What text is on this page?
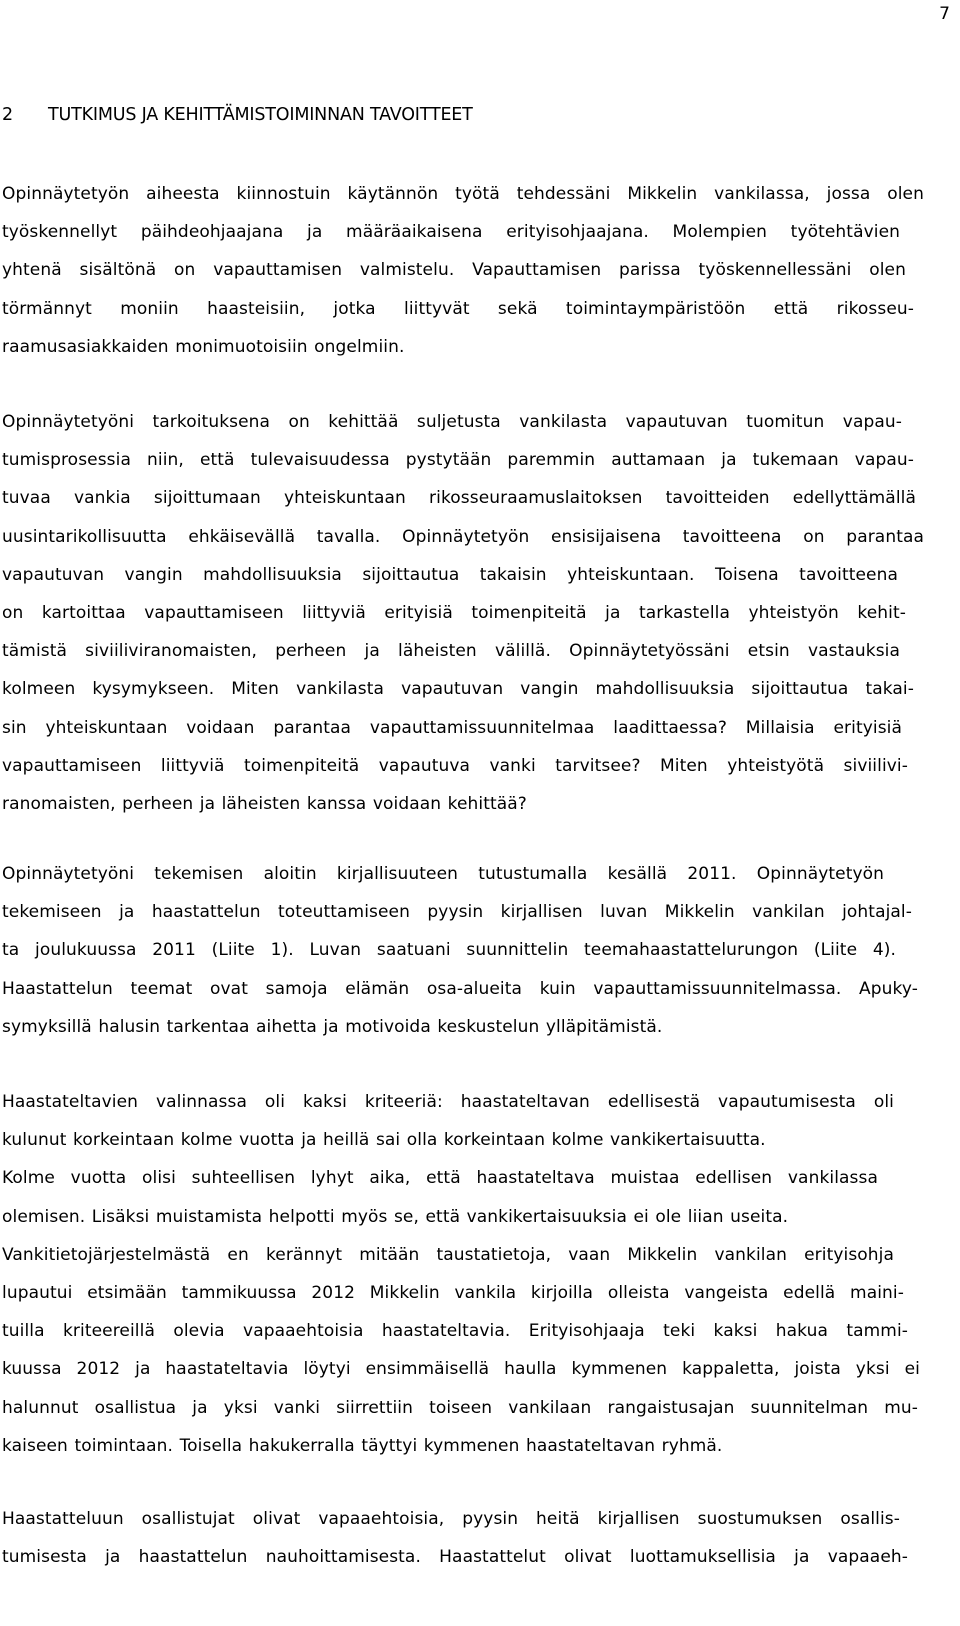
7
2 TUTKIMUS JA KEHITTÄMISTOIMINNAN TAVOITTEET
Opinnäytetyön aiheesta kiinnostuin käytännön työtä tehdessäni Mikkelin vankilassa, jossa olen
työskennellyt päihdeohjaajana ja määräaikaisena erityisohjaajana. Molempien työtehtävien
yhtenä sisältönä on vapauttamisen valmistelu. Vapauttamisen parissa työskennellessäni olen
törmännyt moniin haasteisiin, jotka liittyvät sekä toimintaympäristöön että rikosseu-
raamusasiakkaiden monimuotoisiin ongelmiin.
Opinnäytetyöni tarkoituksena on kehittää suljetusta vankilasta vapautuvan tuomitun vapau-
tumisprosessia niin, että tulevaisuudessa pystytään paremmin auttamaan ja tukemaan vapau-
tuvaa vankia sijoittumaan yhteiskuntaan rikosseuraamuslaitoksen tavoitteiden edellyttämällä
uusintarikollisuutta ehkäisevällä tavalla. Opinnäytetyön ensisijaisena tavoitteena on parantaa
vapautuvan vangin mahdollisuuksia sijoittautua takaisin yhteiskuntaan. Toisena tavoitteena
on kartoittaa vapauttamiseen liittyviä erityisiä toimenpiteitä ja tarkastella yhteistyön kehit-
tämistä siviiliviranomaisten, perheen ja läheisten välillä. Opinnäytetyössäni etsin vastauksia
kolmeen kysymykseen. Miten vankilasta vapautuvan vangin mahdollisuuksia sijoittautua takai-
sin yhteiskuntaan voidaan parantaa vapauttamissuunnitelmaa laadittaessa? Millaisia erityisiä
vapauttamiseen liittyviä toimenpiteitä vapautuva vanki tarvitsee? Miten yhteistyötä siviilivi-
ranomaisten, perheen ja läheisten kanssa voidaan kehittää?
Opinnäytetyöni tekemisen aloitin kirjallisuuteen tutustumalla kesällä 2011. Opinnäytetyön
tekemiseen ja haastattelun toteuttamiseen pyysin kirjallisen luvan Mikkelin vankilan johtajal-
ta joulukuussa 2011 (Liite 1). Luvan saatuani suunnittelin teemahaastattelurungon (Liite 4).
Haastattelun teemat ovat samoja elämän osa-alueita kuin vapauttamissuunnitelmassa. Apuky-
symyksillä halusin tarkentaa aihetta ja motivoida keskustelun ylläpitämistä.
Haastateltavien valinnassa oli kaksi kriteeriä: haastateltavan edellisestä vapautumisesta oli
kulunut korkeintaan kolme vuotta ja heillä sai olla korkeintaan kolme vankikertaisuutta.
Kolme vuotta olisi suhteellisen lyhyt aika, että haastateltava muistaa edellisen vankilassa
olemisen. Lisäksi muistamista helpotti myös se, että vankikertaisuuksia ei ole liian useita.
Vankitietojärjestelmästä en kerännyt mitään taustatietoja, vaan Mikkelin vankilan erityisohja
lupautui etsimään tammikuussa 2012 Mikkelin vankila kirjoilla olleista vangeista edellä maini-
tuilla kriteereillä olevia vapaaehtoisia haastateltavia. Erityisohjaaja teki kaksi hakua tammi-
kuussa 2012 ja haastateltavia löytyi ensimmäisellä haulla kymmenen kappaletta, joista yksi ei
halunnut osallistua ja yksi vanki siirrettiin toiseen vankilaan rangaistusajan suunnitelman mu-
kaiseen toimintaan. Toisella hakukerralla täyttyi kymmenen haastateltavan ryhmä.
Haastatteluun osallistujat olivat vapaaehtoisia, pyysin heitä kirjallisen suostumuksen osallis-
tumisesta ja haastattelun nauhoittamisesta. Haastattelut olivat luottamuksellisia ja vapaaeh-
